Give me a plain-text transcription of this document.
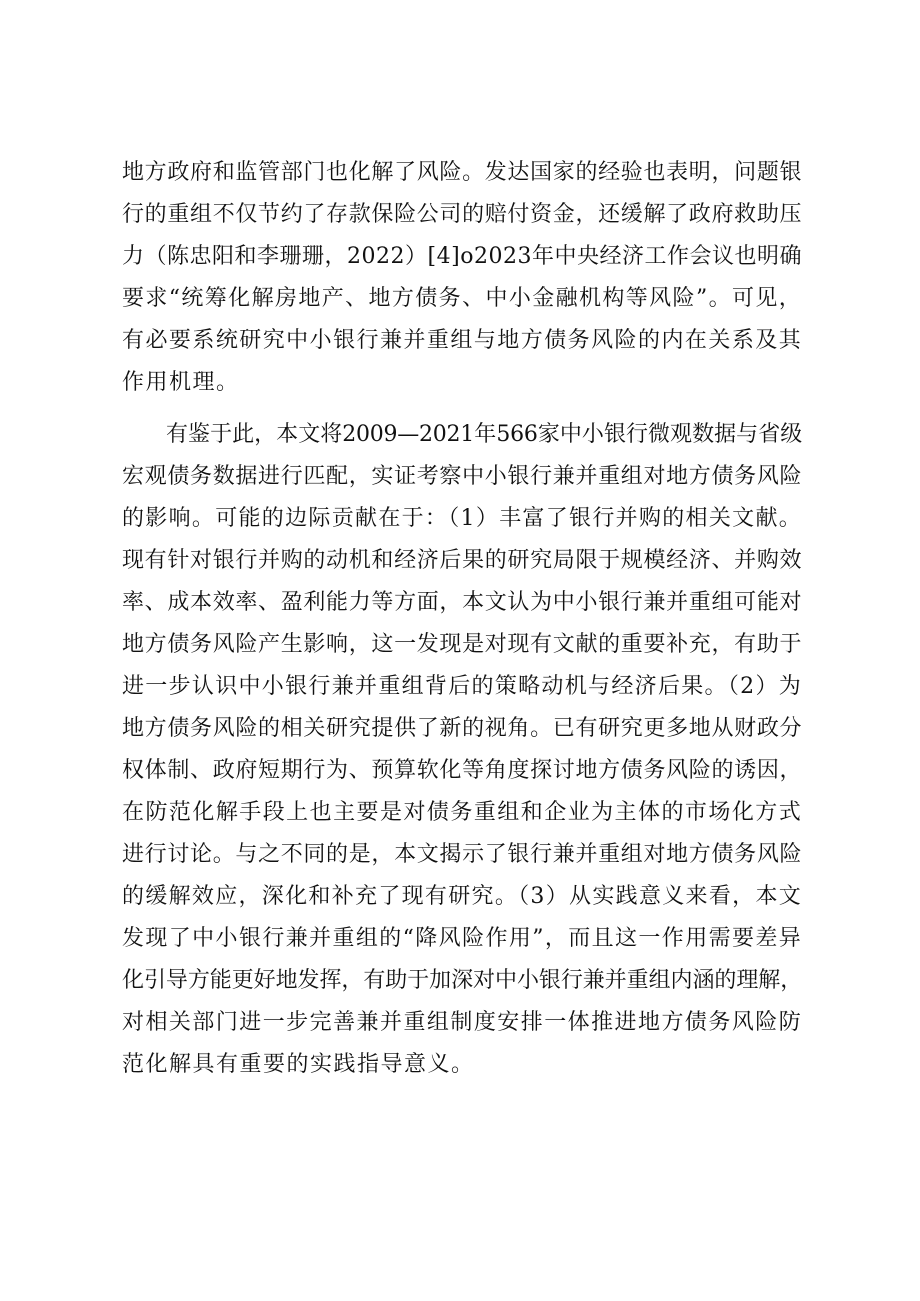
地方政府和监管部门也化解了风险。发达国家的经验也表明，问题银
行的重组不仅节约了存款保险公司的赔付资金，还缓解了政府救助压
力（陈忠阳和李珊珊，2022）[4]o2023年中央经济工作会议也明确
要求“统筹化解房地产、地方债务、中小金融机构等风险”。可见，
有必要系统研究中小银行兼并重组与地方债务风险的内在关系及其
作用机理。
有鉴于此，本文将2009—2021年566家中小银行微观数据与省级
宏观债务数据进行匹配，实证考察中小银行兼并重组对地方债务风险
的影响。可能的边际贡献在于：（1）丰富了银行并购的相关文献。
现有针对银行并购的动机和经济后果的研究局限于规模经济、并购效
率、成本效率、盈利能力等方面，本文认为中小银行兼并重组可能对
地方债务风险产生影响，这一发现是对现有文献的重要补充，有助于
进一步认识中小银行兼并重组背后的策略动机与经济后果。（2）为
地方债务风险的相关研究提供了新的视角。已有研究更多地从财政分
权体制、政府短期行为、预算软化等角度探讨地方债务风险的诱因，
在防范化解手段上也主要是对债务重组和企业为主体的市场化方式
进行讨论。与之不同的是，本文揭示了银行兼并重组对地方债务风险
的缓解效应，深化和补充了现有研究。（3）从实践意义来看，本文
发现了中小银行兼并重组的“降风险作用”，而且这一作用需要差异
化引导方能更好地发挥，有助于加深对中小银行兼并重组内涵的理解，
对相关部门进一步完善兼并重组制度安排一体推进地方债务风险防
范化解具有重要的实践指导意义。
